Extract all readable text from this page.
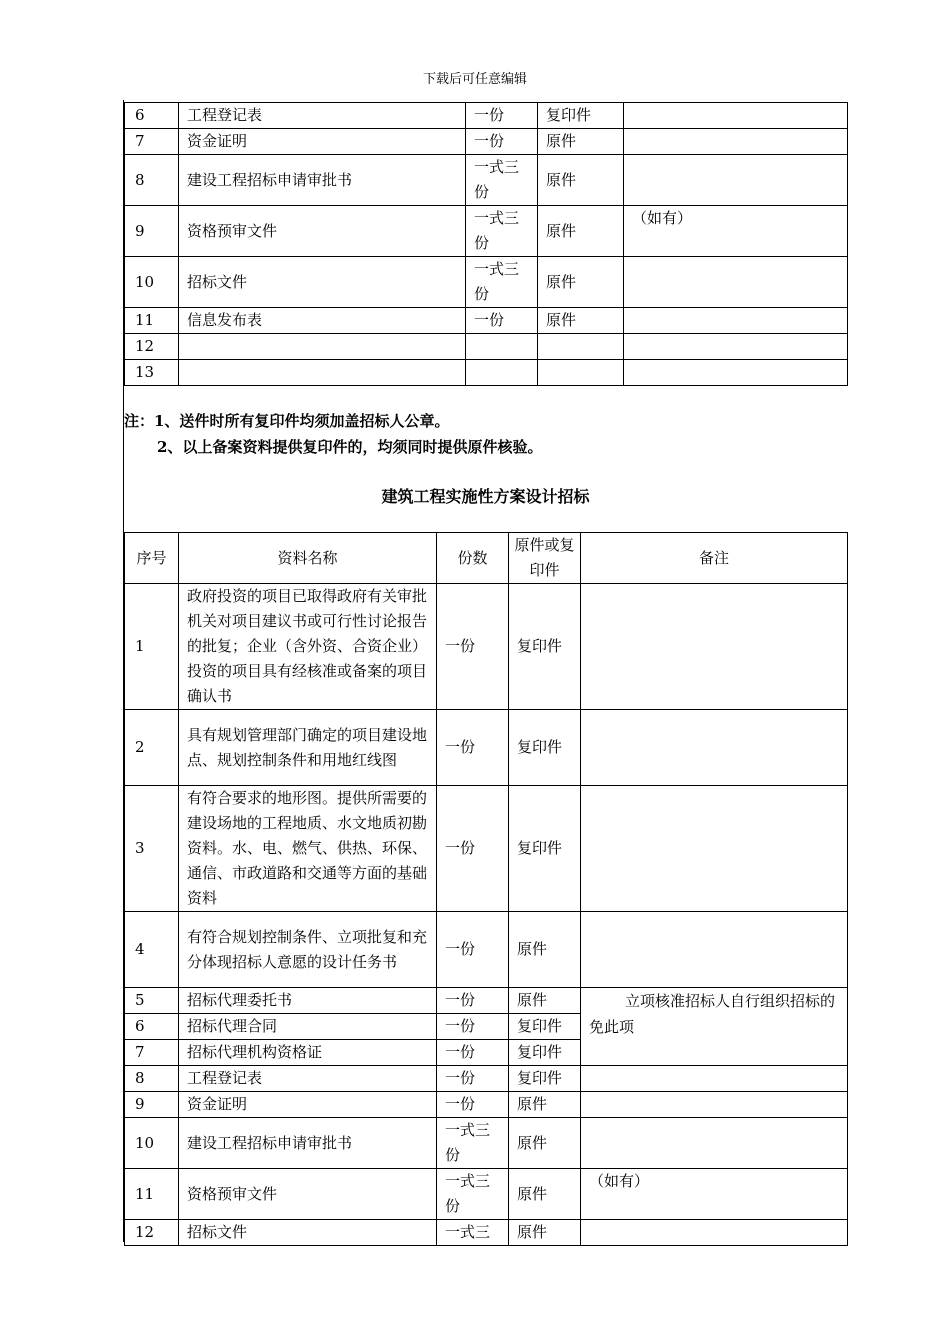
下载后可任意编辑
6	工程登记表	一份	复印件	
7	资金证明	一份	原件	
8	建设工程招标申请审批书	一式三份	原件	
9	资格预审文件	一式三份	原件	（如有）
10	招标文件	一式三份	原件	
11	信息发布表	一份	原件	
12				
13				
注：1、送件时所有复印件均须加盖招标人公章。
2、以上备案资料提供复印件的，均须同时提供原件核验。
建筑工程实施性方案设计招标
序号	资料名称	份数	原件或复印件	备注
1	政府投资的项目已取得政府有关审批机关对项目建议书或可行性讨论报告的批复；企业（含外资、合资企业）投资的项目具有经核准或备案的项目确认书	一份	复印件	
2	具有规划管理部门确定的项目建设地点、规划控制条件和用地红线图	一份	复印件	
3	有符合要求的地形图。提供所需要的建设场地的工程地质、水文地质初勘资料。水、电、燃气、供热、环保、通信、市政道路和交通等方面的基础资料	一份	复印件	
4	有符合规划控制条件、立项批复和充分体现招标人意愿的设计任务书	一份	原件	
5	招标代理委托书	一份	原件	立项核准招标人自行组织招标的免此项
6	招标代理合同	一份	复印件	
7	招标代理机构资格证	一份	复印件	
8	工程登记表	一份	复印件	
9	资金证明	一份	原件	
10	建设工程招标申请审批书	一式三份	原件	
11	资格预审文件	一式三份	原件	（如有）
12	招标文件	一式三	原件	
